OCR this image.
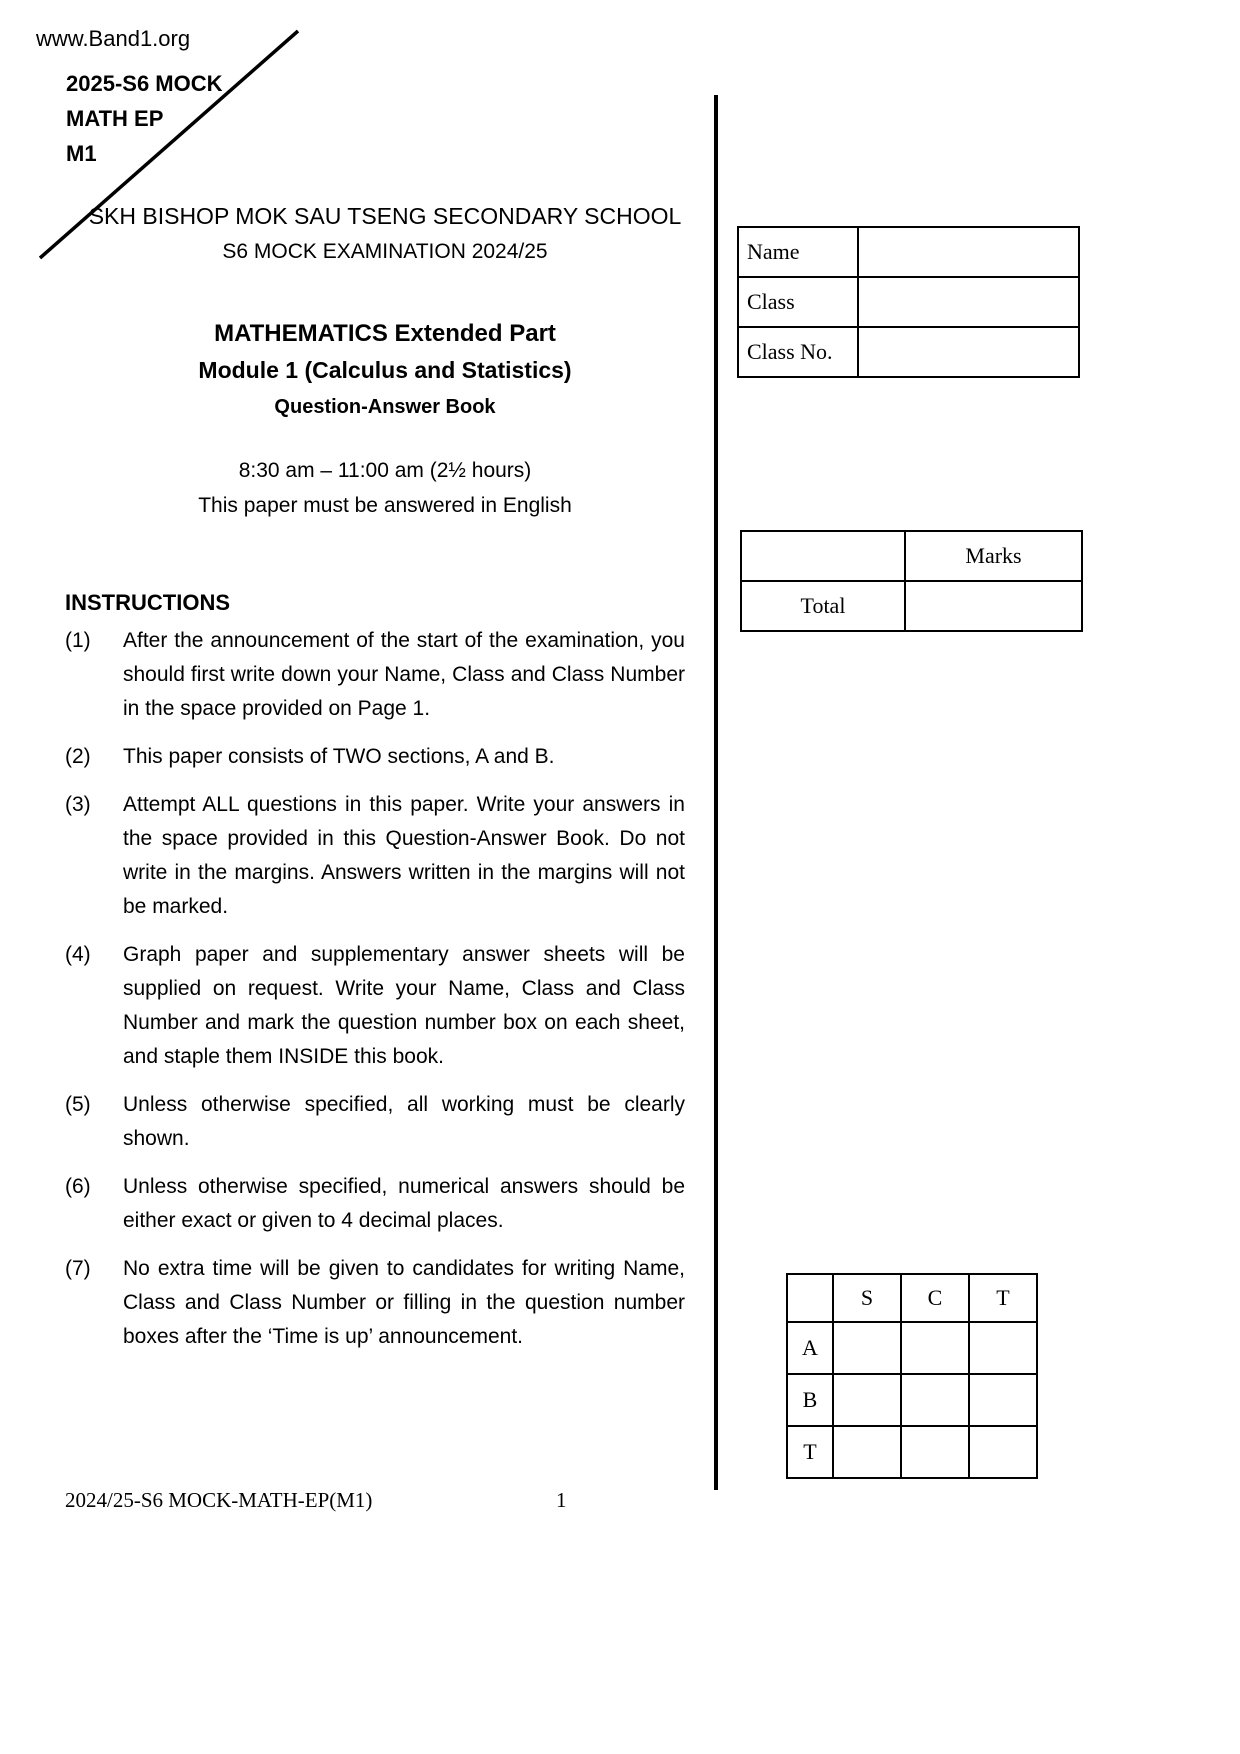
www.Band1.org
2025-S6 MOCK
MATH EP
M1
SKH BISHOP MOK SAU TSENG SECONDARY SCHOOL
S6 MOCK EXAMINATION 2024/25
MATHEMATICS Extended Part
Module 1 (Calculus and Statistics)
Question-Answer Book
8:30 am – 11:00 am (2½ hours)
This paper must be answered in English
Name	
Class	
Class No.	
	Marks
Total	
INSTRUCTIONS
(1)	After the announcement of the start of the examination, you should first write down your Name, Class and Class Number in the space provided on Page 1.
(2)	This paper consists of TWO sections, A and B.
(3)	Attempt ALL questions in this paper. Write your answers in the space provided in this Question-Answer Book. Do not write in the margins. Answers written in the margins will not be marked.
(4)	Graph paper and supplementary answer sheets will be supplied on request. Write your Name, Class and Class Number and mark the question number box on each sheet, and staple them INSIDE this book.
(5)	Unless otherwise specified, all working must be clearly shown.
(6)	Unless otherwise specified, numerical answers should be either exact or given to 4 decimal places.
(7)	No extra time will be given to candidates for writing Name, Class and Class Number or filling in the question number boxes after the ‘Time is up’ announcement.
	S	C	T
A			
B			
T			
2024/25-S6 MOCK-MATH-EP(M1)	1
